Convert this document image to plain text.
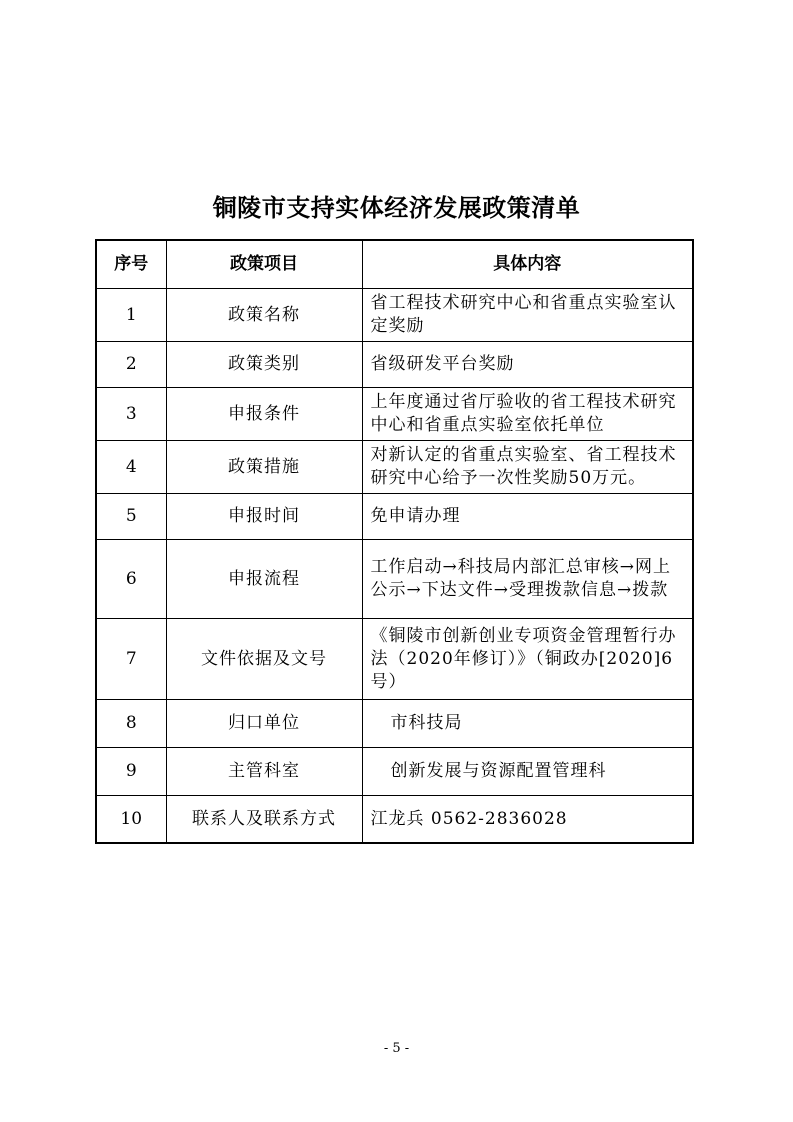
铜陵市支持实体经济发展政策清单
序号	政策项目	具体内容
1	政策名称	省工程技术研究中心和省重点实验室认定奖励
2	政策类别	省级研发平台奖励
3	申报条件	上年度通过省厅验收的省工程技术研究中心和省重点实验室依托单位
4	政策措施	对新认定的省重点实验室、省工程技术研究中心给予一次性奖励50万元。
5	申报时间	免申请办理
6	申报流程	工作启动→科技局内部汇总审核→网上公示→下达文件→受理拨款信息→拨款
7	文件依据及文号	《铜陵市创新创业专项资金管理暂行办法（2020年修订）》（铜政办[2020]6号）
8	归口单位	市科技局
9	主管科室	创新发展与资源配置管理科
10	联系人及联系方式	江龙兵 0562-2836028
- 5 -
